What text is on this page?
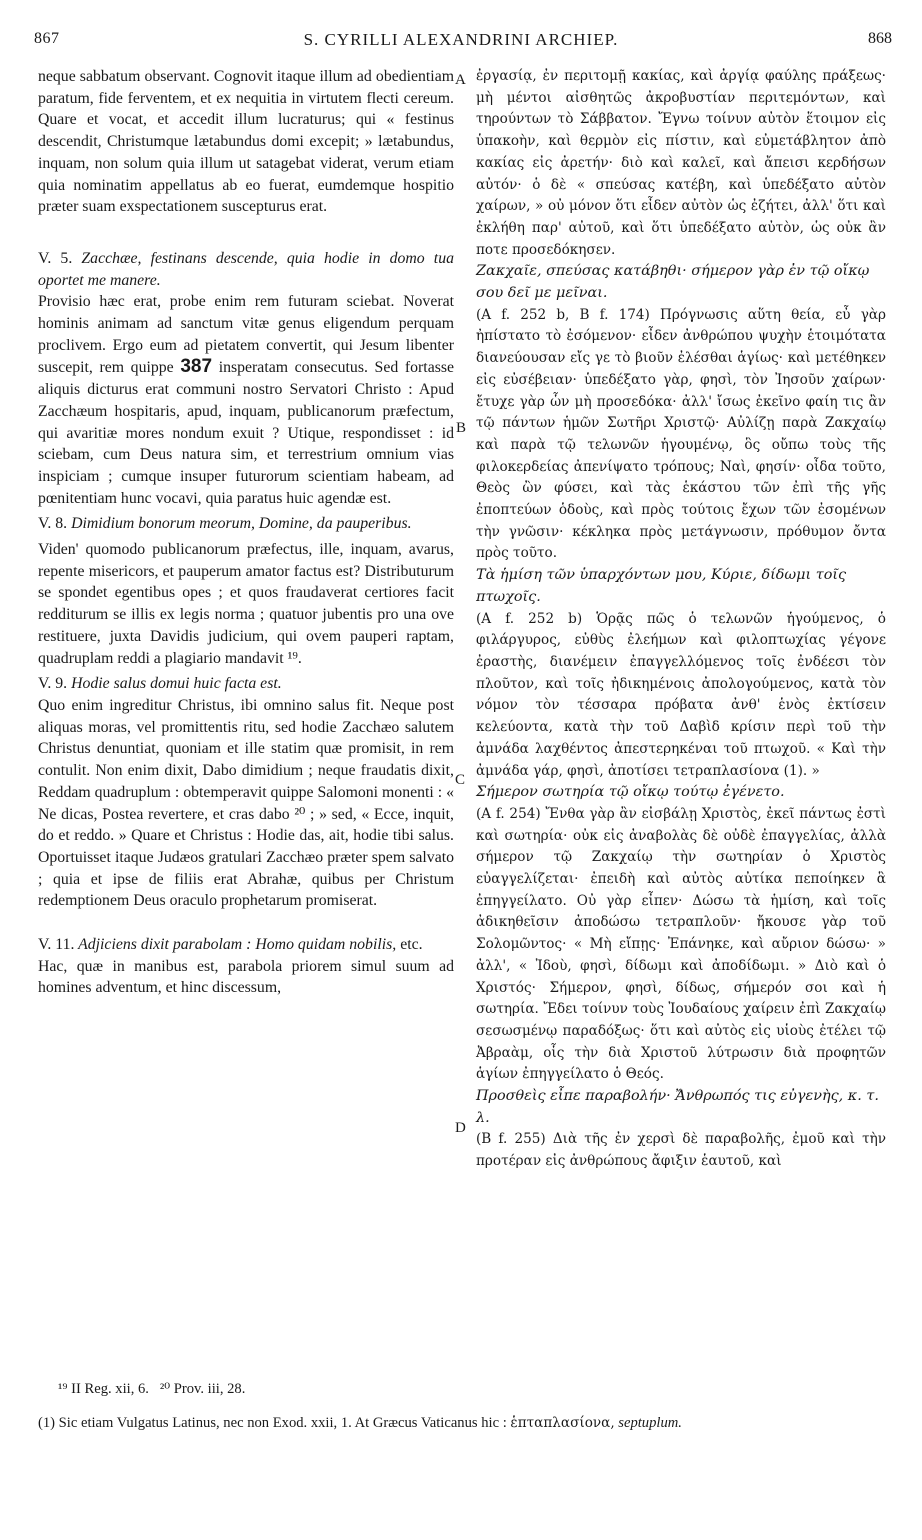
867	S. CYRILLI ALEXANDRINI ARCHIEP.	868
A
B
C
D

neque sabbatum observant. Cognovit itaque illum ad obedientiam paratum, fide ferventem, et ex nequitia in virtutem flecti cereum. Quare et vocat, et accedit illum lucraturus; qui « festinus descendit, Christumque lætabundus domi excepit; » lætabundus, inquam, non solum quia illum ut satagebat viderat, verum etiam quia nominatim appellatus ab eo fuerat, eumdemque hospitio præter suam exspectationem suscepturus erat.

V. 5. Zacchæe, festinans descende, quia hodie in domo tua oportet me manere.

Provisio hæc erat, probe enim rem futuram sciebat. Noverat hominis animam ad sanctum vitæ genus eligendum perquam proclivem. Ergo eum ad pietatem convertit, qui Jesum libenter suscepit, rem quippe 387 insperatam consecutus. Sed fortasse aliquis dicturus erat communi nostro Servatori Christo : Apud Zacchæum hospitaris, apud, inquam, publicanorum præfectum, qui avaritiæ mores nondum exuit ? Utique, respondisset : id sciebam, cum Deus natura sim, et terrestrium omnium vias inspiciam ; cumque insuper futurorum scientiam habeam, ad pœnitentiam hunc vocavi, quia paratus huic agendæ est.

V. 8. Dimidium bonorum meorum, Domine, da pauperibus.

Viden' quomodo publicanorum præfectus, ille, inquam, avarus, repente misericors, et pauperum amator factus est? Distributurum se spondet egentibus opes ; et quos fraudaverat certiores facit redditurum se illis ex legis norma ; quatuor jubentis pro una ove restituere, juxta Davidis judicium, qui ovem pauperi raptam, quadruplam reddi a plagiario mandavit ¹⁹.

V. 9. Hodie salus domui huic facta est.

Quo enim ingreditur Christus, ibi omnino salus fit. Neque post aliquas moras, vel promittentis ritu, sed hodie Zacchæo salutem Christus denuntiat, quoniam et ille statim quæ promisit, in rem contulit. Non enim dixit, Dabo dimidium ; neque fraudatis dixit, Reddam quadruplum : obtemperavit quippe Salomoni monenti : « Ne dicas, Postea revertere, et cras dabo ²⁰ ; » sed, « Ecce, inquit, do et reddo. » Quare et Christus : Hodie das, ait, hodie tibi salus. Oportuisset itaque Judæos gratulari Zacchæo præter spem salvato ; quia et ipse de filiis erat Abrahæ, quibus per Christum redemptionem Deus oraculo prophetarum promiserat.

V. 11. Adjiciens dixit parabolam : Homo quidam nobilis, etc.

Hac, quæ in manibus est, parabola priorem simul suum ad homines adventum, et hinc discessum,

ἐργασίᾳ, ἐν περιτομῇ κακίας, καὶ ἀργίᾳ φαύλης πράξεως· μὴ μέντοι αἰσθητῶς ἀκροβυστίαν περιτεμόντων, καὶ τηρούντων τὸ Σάββατον. Ἔγνω τοίνυν αὐτὸν ἕτοιμον εἰς ὑπακοὴν, καὶ θερμὸν εἰς πίστιν, καὶ εὐμετάβλητον ἀπὸ κακίας εἰς ἀρετήν· διὸ καὶ καλεῖ, καὶ ἄπεισι κερδήσων αὐτόν· ὁ δὲ « σπεύσας κατέβη, καὶ ὑπεδέξατο αὐτὸν χαίρων, » οὐ μόνον ὅτι εἶδεν αὐτὸν ὡς ἐζήτει, ἀλλ' ὅτι καὶ ἐκλήθη παρ' αὐτοῦ, καὶ ὅτι ὑπεδέξατο αὐτὸν, ὡς οὐκ ἂν ποτε προσεδόκησεν.

Ζακχαῖε, σπεύσας κατάβηθι· σήμερον γὰρ ἐν τῷ οἴκῳ σου δεῖ με μεῖναι.

(A f. 252 b, B f. 174) Πρόγνωσις αὕτη θεία, εὖ γὰρ ἠπίστατο τὸ ἐσόμενον· εἶδεν ἀνθρώπου ψυχὴν ἑτοιμότατα διανεύουσαν εἴς γε τὸ βιοῦν ἐλέσθαι ἁγίως· καὶ μετέθηκεν εἰς εὐσέβειαν· ὑπεδέξατο γὰρ, φησὶ, τὸν Ἰησοῦν χαίρων· ἔτυχε γὰρ ὧν μὴ προσεδόκα· ἀλλ' ἴσως ἐκεῖνο φαίη τις ἂν τῷ πάντων ἡμῶν Σωτῆρι Χριστῷ· Αὐλίζῃ παρὰ Ζακχαίῳ καὶ παρὰ τῷ τελωνῶν ἡγουμένῳ, ὃς οὔπω τοὺς τῆς φιλοκερδείας ἀπενίψατο τρόπους; Ναὶ, φησίν· οἶδα τοῦτο, Θεὸς ὢν φύσει, καὶ τὰς ἑκάστου τῶν ἐπὶ τῆς γῆς ἐποπτεύων ὁδοὺς, καὶ πρὸς τούτοις ἔχων τῶν ἐσομένων τὴν γνῶσιν· κέκληκα πρὸς μετάγνωσιν, πρόθυμον ὄντα πρὸς τοῦτο.

Τὰ ἡμίση τῶν ὑπαρχόντων μου, Κύριε, δίδωμι τοῖς πτωχοῖς.

(A f. 252 b) Ὁρᾷς πῶς ὁ τελωνῶν ἡγούμενος, ὁ φιλάργυρος, εὐθὺς ἐλεήμων καὶ φιλοπτωχίας γέγονε ἐραστὴς, διανέμειν ἐπαγγελλόμενος τοῖς ἐνδέεσι τὸν πλοῦτον, καὶ τοῖς ἠδικημένοις ἀπολογούμενος, κατὰ τὸν νόμον τὸν τέσσαρα πρόβατα ἀνθ' ἑνὸς ἐκτίσειν κελεύοντα, κατὰ τὴν τοῦ Δαβὶδ κρίσιν περὶ τοῦ τὴν ἀμνάδα λαχθέντος ἀπεστερηκέναι τοῦ πτωχοῦ. « Καὶ τὴν ἀμνάδα γάρ, φησὶ, ἀποτίσει τετραπλασίονα (1). »

Σήμερον σωτηρία τῷ οἴκῳ τούτῳ ἐγένετο.

(A f. 254) Ἔνθα γὰρ ἂν εἰσβάλῃ Χριστὸς, ἐκεῖ πάντως ἐστὶ καὶ σωτηρία· οὐκ εἰς ἀναβολὰς δὲ οὐδὲ ἐπαγγελίας, ἀλλὰ σήμερον τῷ Ζακχαίῳ τὴν σωτηρίαν ὁ Χριστὸς εὐαγγελίζεται· ἐπειδὴ καὶ αὐτὸς αὐτίκα πεποίηκεν ἃ ἐπηγγείλατο. Οὐ γὰρ εἶπεν· Δώσω τὰ ἡμίση, καὶ τοῖς ἀδικηθεῖσιν ἀποδώσω τετραπλοῦν· ἤκουσε γὰρ τοῦ Σολομῶντος· « Μὴ εἴπῃς· Ἐπάνηκε, καὶ αὔριον δώσω· » ἀλλ', « Ἰδοὺ, φησὶ, δίδωμι καὶ ἀποδίδωμι. » Διὸ καὶ ὁ Χριστός· Σήμερον, φησὶ, δίδως, σήμερόν σοι καὶ ἡ σωτηρία. Ἔδει τοίνυν τοὺς Ἰουδαίους χαίρειν ἐπὶ Ζακχαίῳ σεσωσμένῳ παραδόξως· ὅτι καὶ αὐτὸς εἰς υἱοὺς ἐτέλει τῷ Ἀβραὰμ, οἷς τὴν διὰ Χριστοῦ λύτρωσιν διὰ προφητῶν ἁγίων ἐπηγγείλατο ὁ Θεός.

Προσθεὶς εἶπε παραβολήν· Ἄνθρωπός τις εὐγενὴς, κ. τ. λ.

(B f. 255) Διὰ τῆς ἐν χερσὶ δὲ παραβολῆς, ἐμοῦ καὶ τὴν προτέραν εἰς ἀνθρώπους ἄφιξιν ἑαυτοῦ, καὶ

¹⁹ II Reg. xii, 6.   ²⁰ Prov. iii, 28.

(1) Sic etiam Vulgatus Latinus, nec non Exod. xxii, 1. At Græcus Vaticanus hic : ἑπταπλασίονα, septuplum.
